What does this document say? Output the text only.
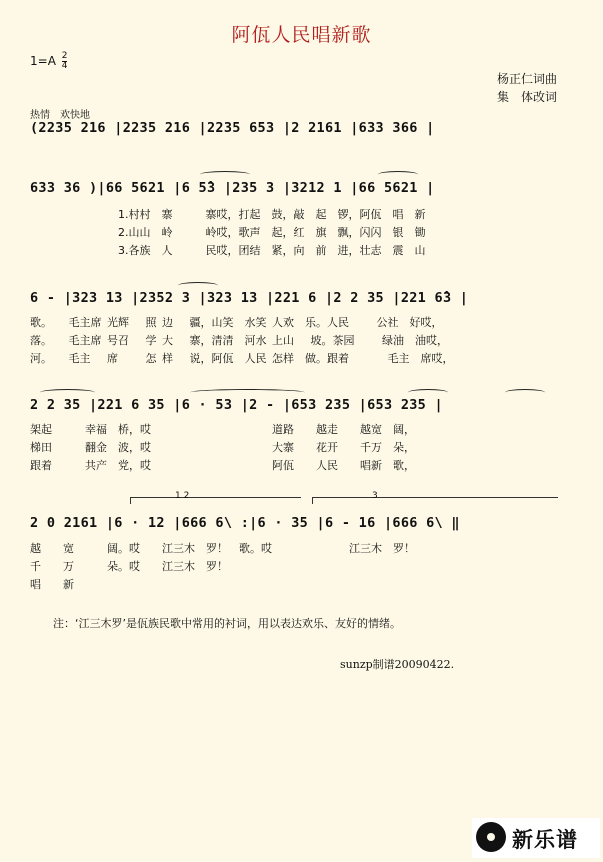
阿佤人民唱新歌
$1=A \frac{2}{4}$
杨正仁词曲
集　体改词
热情　欢快地
(2235 216 |2235 216 |2235 653 |2 2161 |633 366 |
633 36 )|66 5621 |6 5̂3 |235 3 |3212 1 |66 5621 |
1.村村　寨　　　寨哎，打起　鼓，敲　起　锣，阿佤　唱　新
2.山山　岭　　　岭哎，歌声　起，红　旗　飘，闪闪　银　锄
3.各族　人　　　民哎，团结　紧，向　前　进，壮志　震　山
6 - |323 13 |2352 3 |323 13 |221 6 |2 2 35 |221 6̂3 |
歌。　　毛主席 光辉　 照 边　 疆，山笑　水笑 人欢　乐。人民　　 公社　好哎，
落。　　毛主席 号召　 学 大　 寨，清清　河水 上山　 坡。茶园　　 绿油　油哎，
河。　　毛主　 席　　 怎 样　 说，阿佤　人民 怎样　做。跟着　　　 毛主　席哎，
2 2 35 |221 6 35 |6 · 53 |2 - |653 235 |653 235 |
架起　　　幸福　桥，哎　　　　　　　　　　　道路　　越走　　越宽　阔，
梯田　　　翻金　波，哎　　　　　　　　　　　大寨　　花开　　千万　朵，
跟着　　　共产　党，哎　　　　　　　　　　　阿佤　　人民　　唱新　歌，
1 2	3
2 0 2161 |6 · 12 |666 6\ :|6 · 35 |6 - 16 |666 6\ ‖
越　　宽　　　阔。哎　　江三木　罗！　歌。哎　　　　　　　江三木　罗！
千　　万　　　朵。哎　　江三木　罗！
唱　　新
注：‘江三木罗’是佤族民歌中常用的衬词，用以表达欢乐、友好的情绪。
sunzp制谱20090422.
新乐谱
